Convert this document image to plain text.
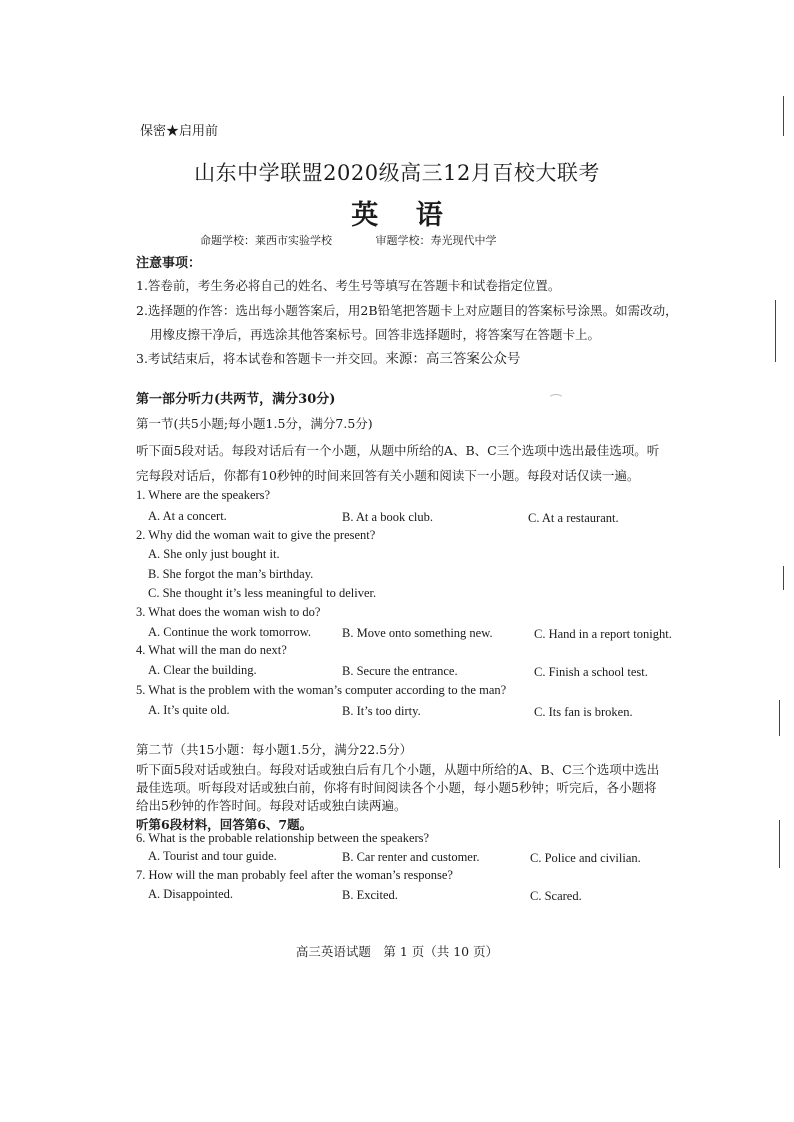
保密★启用前
山东中学联盟2020级高三12月百校大联考
英 语
命题学校：莱西市实验学校	审题学校：寿光现代中学
注意事项：
1.答卷前，考生务必将自己的姓名、考生号等填写在答题卡和试卷指定位置。
2.选择题的作答：选出每小题答案后，用2B铅笔把答题卡上对应题目的答案标号涂黑。如需改动，
用橡皮擦干净后，再选涂其他答案标号。回答非选择题时，将答案写在答题卡上。
3.考试结束后，将本试卷和答题卡一并交回。来源：高三答案公众号
第一部分听力(共两节，满分30分)
第一节(共5小题;每小题1.5分，满分7.5分)
听下面5段对话。每段对话后有一个小题，从题中所给的A、B、C三个选项中选出最佳选项。听
完每段对话后，你都有10秒钟的时间来回答有关小题和阅读下一小题。每段对话仅读一遍。
1. Where are the speakers?
A. At a concert.	B. At a book club.	C. At a restaurant.
2. Why did the woman wait to give the present?
A. She only just bought it.
B. She forgot the man’s birthday.
C. She thought it’s less meaningful to deliver.
3. What does the woman wish to do?
A. Continue the work tomorrow. B. Move onto something new.	C. Hand in a report tonight.
4. What will the man do next?
A. Clear the building.	B. Secure the entrance.	C. Finish a school test.
5. What is the problem with the woman’s computer according to the man?
A. It’s quite old.	B. It’s too dirty.	C. Its fan is broken.
第二节（共15小题：每小题1.5分，满分22.5分）
听下面5段对话或独白。每段对话或独白后有几个小题，从题中所给的A、B、C三个选项中选出
最佳选项。听每段对话或独白前，你将有时间阅读各个小题，每小题5秒钟；听完后，各小题将
给出5秒钟的作答时间。每段对话或独白读两遍。
听第6段材料，回答第6、7题。
6. What is the probable relationship between the speakers?
A. Tourist and tour guide.	B. Car renter and customer.	C. Police and civilian.
7. How will the man probably feel after the woman’s response?
A. Disappointed.	B. Excited.	C. Scared.
高三英语试题　第 1 页（共 10 页）
